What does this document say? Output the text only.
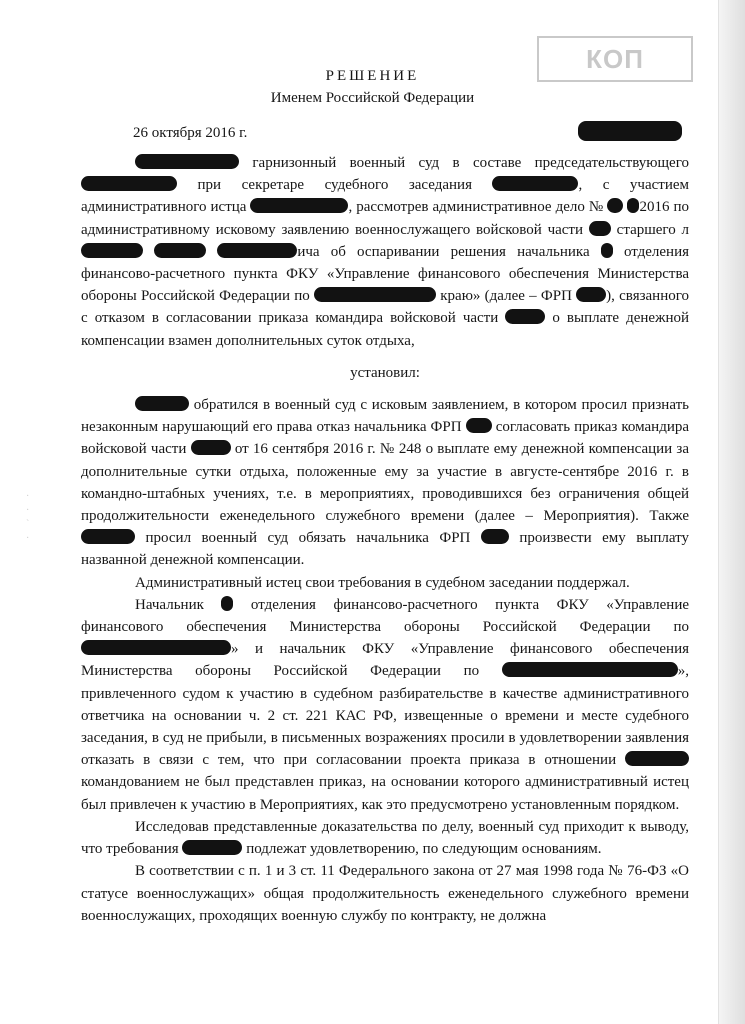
КОП
РЕШЕНИЕ
Именем Российской Федерации
26 октября 2016 г.
·
·
`
·

гарнизонный военный суд в составе председательствующего  при секретаре судебного заседания	, с участием административного истца	, рассмотрев административное дело № 2016 по административному исковому заявлению военнослужащего войсковой части старшего л   ича об оспаривании решения начальника отделения финансово-расчетного пункта ФКУ «Управление финансового обеспечения Министерства обороны Российской Федерации по	краю» (далее – ФРП ), связанного с отказом в согласовании приказа командира войсковой части	о выплате денежной компенсации взамен дополнительных суток отдыха,

установил:

обратился в военный суд с исковым заявлением, в котором просил признать незаконным нарушающий его права отказ начальника ФРП согласовать приказ командира войсковой части	от 16 сентября 2016 г. № 248 о выплате ему денежной компенсации за дополнительные сутки отдыха, положенные ему за участие в августе-сентябре 2016 г. в командно-штабных учениях, т.е. в мероприятиях, проводившихся без ограничения общей продолжительности еженедельного служебного времени (далее – Мероприятия). Также  просил военный суд обязать начальника ФРП	произвести ему выплату названной денежной компенсации.

Административный истец свои требования в судебном заседании поддержал.

Начальник	отделения финансово-расчетного пункта ФКУ «Управление финансового обеспечения Министерства обороны Российской Федерации по » и начальник ФКУ «Управление финансового обеспечения Министерства обороны Российской Федерации по	», привлеченного судом к участию в судебном разбирательстве в качестве административного ответчика на основании ч. 2 ст. 221 КАС РФ, извещенные о времени и месте судебного заседания, в суд не прибыли, в письменных возражениях просили в удовлетворении заявления отказать в связи с тем, что при согласовании проекта приказа в отношении  командованием не был представлен приказ, на основании которого административный истец был привлечен к участию в Мероприятиях, как это предусмотрено установленным порядком.

Исследовав представленные доказательства по делу, военный суд приходит к выводу, что требования	подлежат удовлетворению, по следующим основаниям.

В соответствии с п. 1 и 3 ст. 11 Федерального закона от 27 мая 1998 года № 76-ФЗ «О статусе военнослужащих» общая продолжительность еженедельного служебного времени военнослужащих, проходящих военную службу по контракту, не должна
